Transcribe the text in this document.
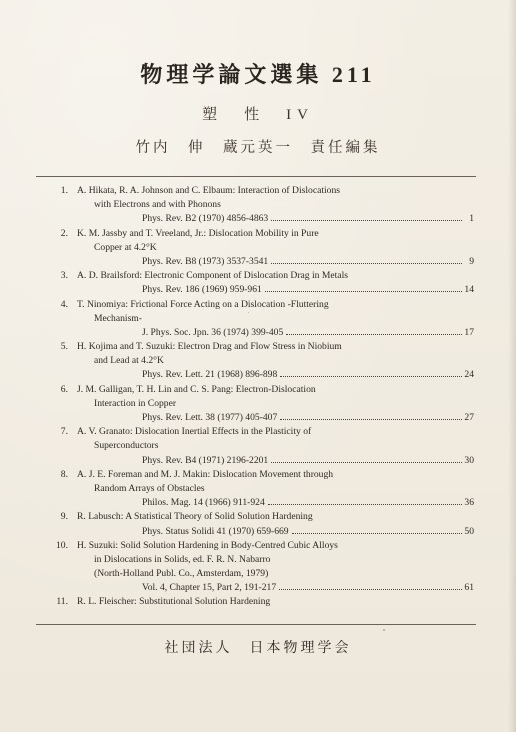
物理学論文選集 211
塑　性　IV
竹内　伸　蔵元英一　責任編集
1. A. Hikata, R. A. Johnson and C. Elbaum: Interaction of Dislocations
with Electrons and with Phonons
Phys. Rev. B2 (1970) 4856-4863	1
2. K. M. Jassby and T. Vreeland, Jr.: Dislocation Mobility in Pure
Copper at 4.2°K
Phys. Rev. B8 (1973) 3537-3541	9
3. A. D. Brailsford: Electronic Component of Dislocation Drag in Metals
Phys. Rev. 186 (1969) 959-961	14
4. T. Ninomiya: Frictional Force Acting on a Dislocation -Fluttering
Mechanism-
J. Phys. Soc. Jpn. 36 (1974) 399-405	17
5. H. Kojima and T. Suzuki: Electron Drag and Flow Stress in Niobium
and Lead at 4.2°K
Phys. Rev. Lett. 21 (1968) 896-898	24
6. J. M. Galligan, T. H. Lin and C. S. Pang: Electron-Dislocation
Interaction in Copper
Phys. Rev. Lett. 38 (1977) 405-407	27
7. A. V. Granato: Dislocation Inertial Effects in the Plasticity of
Superconductors
Phys. Rev. B4 (1971) 2196-2201	30
8. A. J. E. Foreman and M. J. Makin: Dislocation Movement through
Random Arrays of Obstacles
Philos. Mag. 14 (1966) 911-924	36
9. R. Labusch: A Statistical Theory of Solid Solution Hardening
Phys. Status Solidi 41 (1970) 659-669	50
10. H. Suzuki: Solid Solution Hardening in Body-Centred Cubic Alloys
in Dislocations in Solids, ed. F. R. N. Nabarro
(North-Holland Publ. Co., Amsterdam, 1979)
Vol. 4, Chapter 15, Part 2, 191-217	61
11. R. L. Fleischer: Substitutional Solution Hardening
社団法人　日本物理学会
